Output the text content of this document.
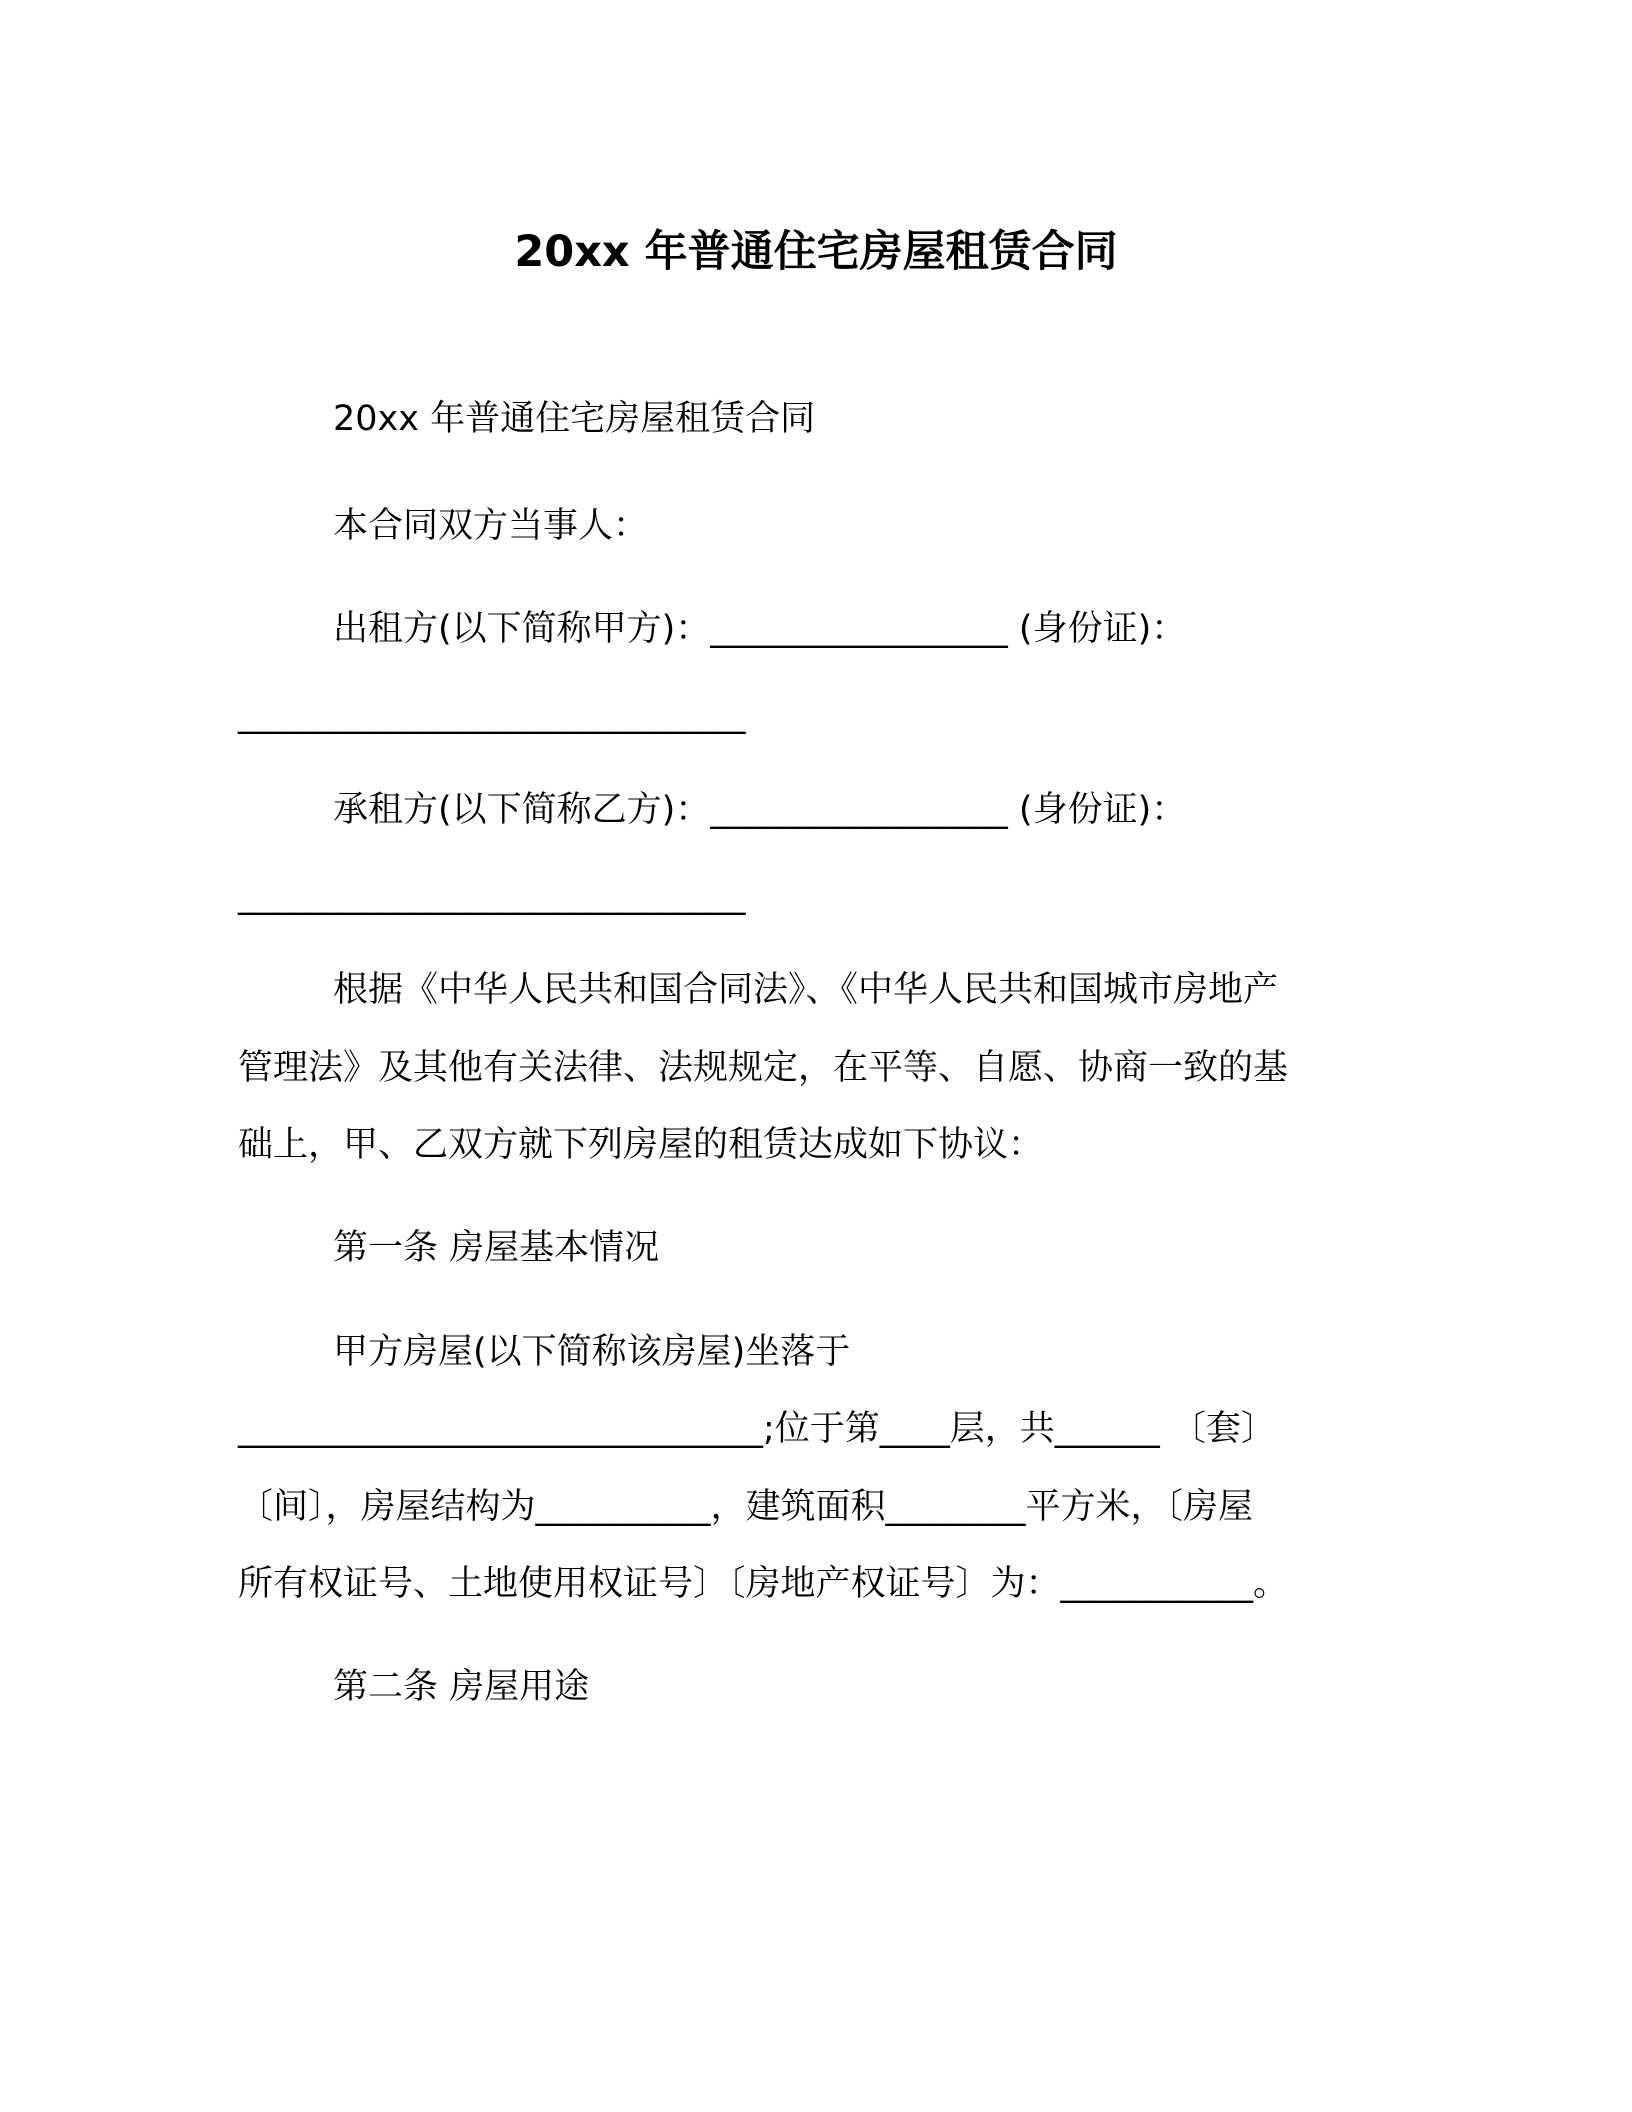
20xx 年普通住宅房屋租赁合同
20xx 年普通住宅房屋租赁合同
本合同双方当事人：
出租方(以下简称甲方)：_________________ (身份证)：
_____________________________
承租方(以下简称乙方)：_________________ (身份证)：
_____________________________
根据《中华人民共和国合同法》、《中华人民共和国城市房地产
管理法》及其他有关法律、法规规定，在平等、自愿、协商一致的基
础上，甲、乙双方就下列房屋的租赁达成如下协议：
第一条 房屋基本情况
甲方房屋(以下简称该房屋)坐落于
______________________________;位于第____层，共______ 〔套〕
〔间〕，房屋结构为__________，建筑面积________平方米，〔房屋
所有权证号、土地使用权证号〕〔房地产权证号〕为：___________。
第二条 房屋用途
